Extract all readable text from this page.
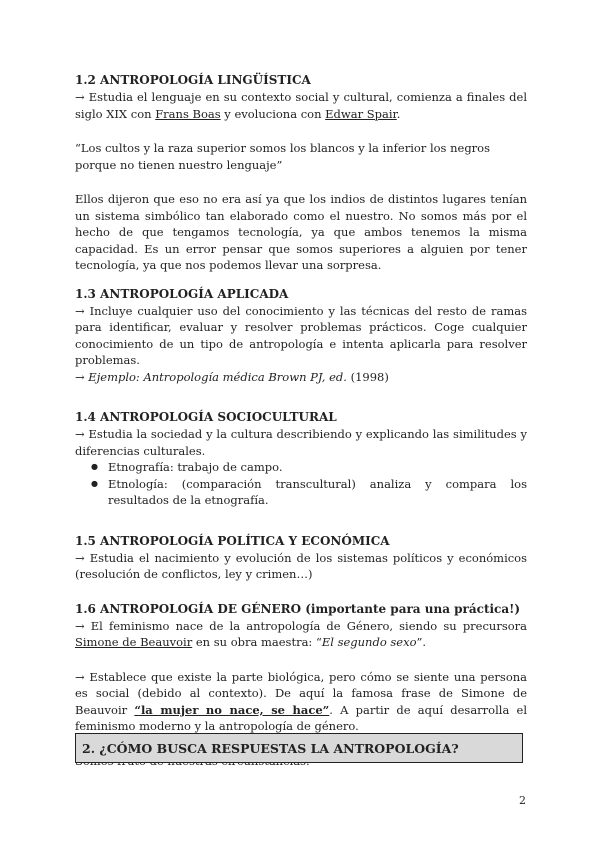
1.2 ANTROPOLOGÍA LINGÜÍSTICA

→ Estudia el lenguaje en su contexto social y cultural, comienza a finales del siglo XIX con Frans Boas y evoluciona con Edwar Spair.

“Los cultos y la raza superior somos los blancos y la inferior los negros porque no tienen nuestro lenguaje”

Ellos dijeron que eso no era así ya que los indios de distintos lugares tenían un sistema simbólico tan elaborado como el nuestro. No somos más por el hecho de que tengamos tecnología, ya que ambos tenemos la misma capacidad. Es un error pensar que somos superiores a alguien por tener tecnología, ya que nos podemos llevar una sorpresa.

1.3 ANTROPOLOGÍA APLICADA

→ Incluye cualquier uso del conocimiento y las técnicas del resto de ramas para identificar, evaluar y resolver problemas prácticos. Coge cualquier conocimiento de un tipo de antropología e intenta aplicarla para resolver problemas.

→ Ejemplo: Antropología médica Brown PJ, ed. (1998)

1.4 ANTROPOLOGÍA SOCIOCULTURAL

→ Estudia la sociedad y la cultura describiendo y explicando las similitudes y diferencias culturales.

● Etnografía: trabajo de campo.
● Etnología: (comparación transcultural) analiza y compara los resultados de la etnografía.
1.5 ANTROPOLOGÍA POLÍTICA Y ECONÓMICA

→ Estudia el nacimiento y evolución de los sistemas políticos y económicos (resolución de conflictos, ley y crimen…)

1.6 ANTROPOLOGÍA DE GÉNERO (importante para una práctica!)

→ El feminismo nace de la antropología de Género, siendo su precursora Simone de Beauvoir en su obra maestra: “El segundo sexo”.

→ Establece que existe la parte biológica, pero cómo se siente una persona es social (debido al contexto). De aquí la famosa frase de Simone de Beauvoir “la mujer no nace, se hace”. A partir de aquí desarrolla el feminismo moderno y la antropología de género.

2. ¿CÓMO BUSCA RESPUESTAS LA ANTROPOLOGÍA?
2
